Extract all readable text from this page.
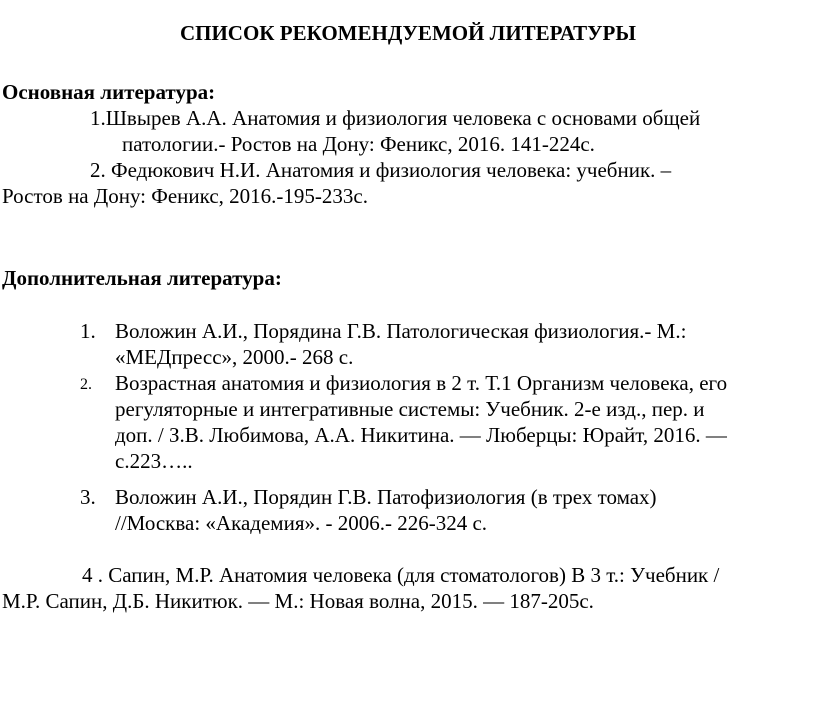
СПИСОК РЕКОМЕНДУЕМОЙ ЛИТЕРАТУРЫ
Основная литература:
1.Швырев А.А. Анатомия и физиология человека с основами общей
патологии.- Ростов на Дону: Феникс, 2016. 141-224с.
2. Федюкович Н.И. Анатомия и физиология человека: учебник. –
Ростов на Дону: Феникс, 2016.-195-233с.
Дополнительная литература:
1. Воложин А.И., Порядина Г.В. Патологическая физиология.- М.:
«МЕДпресс», 2000.- 268 с.
2. Возрастная анатомия и физиология в 2 т. Т.1 Организм человека, его
регуляторные и интегративные системы: Учебник. 2-е изд., пер. и
доп. / З.В. Любимова, А.А. Никитина. — Люберцы: Юрайт, 2016. —
с.223…..
3. Воложин А.И., Порядин Г.В. Патофизиология (в трех томах)
//Москва: «Академия». - 2006.- 226-324 с.
4 . Сапин, М.Р. Анатомия человека (для стоматологов) В 3 т.: Учебник /
М.Р. Сапин, Д.Б. Никитюк. — М.: Новая волна, 2015. — 187-205с.
